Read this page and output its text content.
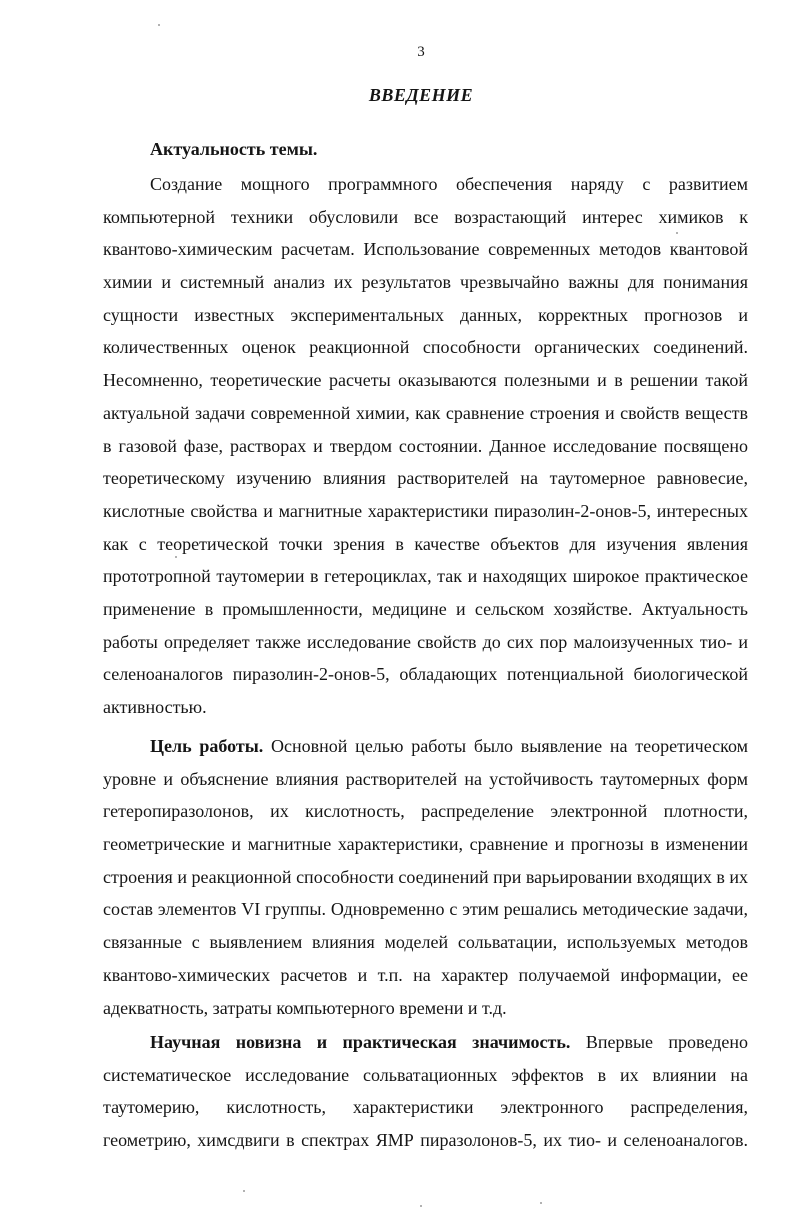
3
ВВЕДЕНИЕ
Актуальность темы.
Создание мощного программного обеспечения наряду с развитием
компьютерной техники обусловили все возрастающий интерес химиков к
квантово-химическим расчетам. Использование современных методов квантовой
химии и системный анализ их результатов чрезвычайно важны для понимания
сущности известных экспериментальных данных, корректных прогнозов и
количественных оценок реакционной способности органических соединений.
Несомненно, теоретические расчеты оказываются полезными и в решении такой
актуальной задачи современной химии, как сравнение строения и свойств веществ
в газовой фазе, растворах и твердом состоянии. Данное исследование посвящено
теоретическому изучению влияния растворителей на таутомерное равновесие,
кислотные свойства и магнитные характеристики пиразолин-2-онов-5, интересных
как с теоретической точки зрения в качестве объектов для изучения явления
прототропной таутомерии в гетероциклах, так и находящих широкое практическое
применение в промышленности, медицине и сельском хозяйстве. Актуальность
работы определяет также исследование свойств до сих пор малоизученных тио- и
селеноаналогов пиразолин-2-онов-5, обладающих потенциальной биологической
активностью.
Цель работы. Основной целью работы было выявление на теоретическом
уровне и объяснение влияния растворителей на устойчивость таутомерных форм
гетеропиразолонов, их кислотность, распределение электронной плотности,
геометрические и магнитные характеристики, сравнение и прогнозы в изменении
строения и реакционной способности соединений при варьировании входящих в их
состав элементов VI группы. Одновременно с этим решались методические задачи,
связанные с выявлением влияния моделей сольватации, используемых методов
квантово-химических расчетов и т.п. на характер получаемой информации, ее
адекватность, затраты компьютерного времени и т.д.
Научная новизна и практическая значимость. Впервые проведено
систематическое исследование сольватационных эффектов в их влиянии на
таутомерию, кислотность, характеристики электронного распределения,
геометрию, химсдвиги в спектрах ЯМР пиразолонов-5, их тио- и селеноаналогов.
